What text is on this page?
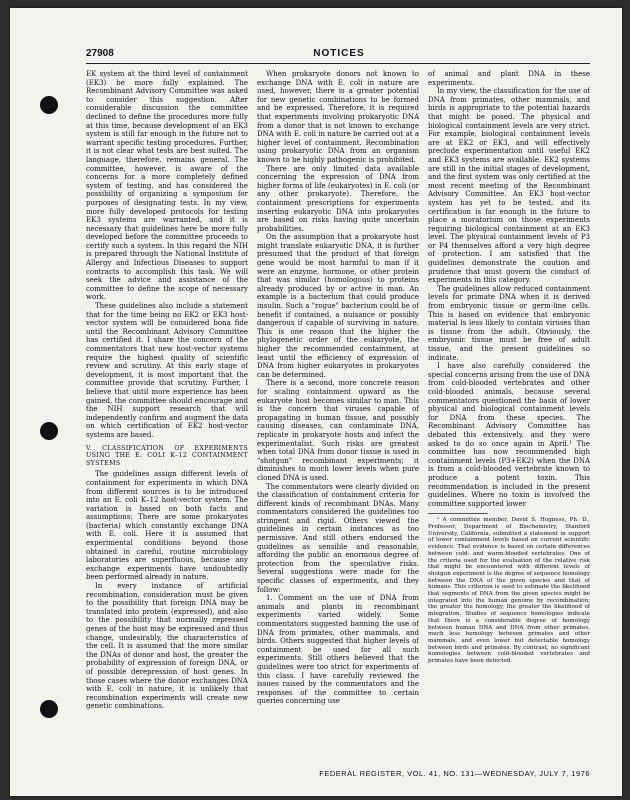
27908	NOTICES

EK system at the third level of containment (EK3) be more fully explained. The Recombinant Advisory Committee was asked to consider this suggestion. After considerable discussion the committee declined to define the procedures more fully at this time, because development of an EK3 system is still far enough in the future not to warrant specific testing procedures. Further, it is not clear what tests are best suited. The language, therefore, remains general. The committee, however, is aware of the concerns for a more completely defined system of testing, and has considered the possibility of organizing a symposium for purposes of designating tests. In my view, more fully developed protocols for testing EK3 systems are warranted, and it is necessary that guidelines here be more fully developed before the committee proceeds to certify such a system. In this regard the NIH is prepared through the National Institute of Allergy and Infectious Diseases to support contracts to accomplish this task. We will seek the advice and assistance of the committee to define the scope of necessary work.

These guidelines also include a statement that for the time being no EK2 or EK3 host-vector system will be considered bona fide until the Recombinant Advisory Committee has certified it. I share the concern of the commentators that new host-vector systems require the highest quality of scientific review and scrutiny. At this early stage of development, it is most important that the committee provide that scrutiny. Further, I believe that until more experience has been gained, the committee should encourage and the NIH support research that will independently confirm and augment the data on which certification of EK2 host-vector systems are based.

V. CLASSIFICATION OF EXPERIMENTS USING THE E. COLI K–12 CONTAINMENT SYSTEMS

The guidelines assign different levels of containment for experiments in which DNA from different sources is to be introduced into an E. coli K–12 host-vector system. The variation is based on both facts and assumptions: There are some prokaryotes (bacteria) which constantly exchange DNA with E. coli. Here it is assumed that experimental conditions beyond those obtained in careful, routine microbiology laboratories are superfluous, because any exchange experiments have undoubtedly been performed already in nature.

In every instance of artificial recombination, consideration must be given to the possibility that foreign DNA may be translated into protein (expressed), and also to the possibility that normally repressed genes of the host may be expressed and thus change, undesirably, the characteristics of the cell. It is assumed that the more similar the DNAs of donor and host, the greater the probability of expression of foreign DNA, or of possible derepression of host genes. In those cases where the donor exchanges DNA with E. coli in nature, it is unlikely that recombination experiments will create new genetic combinations.

When prokaryote donors not known to exchange DNA with E. coli in nature are used, however, there is a greater potential for new genetic combinations to be formed and be expressed. Therefore, it is required that experiments involving prokaryotic DNA from a donor that is not known to exchange DNA with E. coli in nature be carried out at a higher level of containment. Recombination using prokaryotic DNA from an organism known to be highly pathogenic is prohibited.

There are only limited data available concerning the expression of DNA from higher forms of life (eukaryotes) in E. coli (or any other prokaryote). Therefore, the containment prescriptions for experiments inserting eukaryotic DNA into prokaryotes are based on risks having quite uncertain probabilities.

On the assumption that a prokaryote host might translate eukaryotic DNA, it is further presumed that the product of that foreign gene would be most harmful to man if it were an enzyme, hormone, or other protein that was similar (homologous) to proteins already produced by or active in man. An example is a bacterium that could produce insulin. Such a "rogue" bacterium could be of benefit if contained, a nuisance or possibly dangerous if capable of surviving in nature. This is one reason that the higher the phylogenetic order of the eukaryote, the higher the recommended containment, at least until the efficiency of expression of DNA from higher eukaryotes in prokaryotes can be determined.

There is a second, more concrete reason for scaling containment upward as the eukaryote host becomes similar to man. This is the concern that viruses capable of propagating in human tissue, and possibly causing diseases, can contaminate DNA, replicate in prokaryote hosts and infect the experimentalist. Such risks are greatest when total DNA from donor tissue is used in "shotgun" recombinant experiments; it diminishes to much lower levels when pure cloned DNA is used.

The commentators were clearly divided on the classification of containment criteria for different kinds of recombinant DNAs. Many commentators considered the guidelines too stringent and rigid. Others viewed the guidelines in certain instances as too permissive. And still others endorsed the guidelines as sensible and reasonable, affording the public an enormous degree of protection from the speculative risks. Several suggestions were made for the specific classes of experiments, and they follow:

1. Comment on the use of DNA from animals and plants in recombinant experiments varied widely. Some commentators suggested banning the use of DNA from primates, other mammals, and birds. Others suggested that higher levels of containment be used for all such experiments. Still others believed that the guidelines were too strict for experiments of this class. I have carefully reviewed the issues raised by the commentators and the responses of the committee to certain queries concerning use

of animal and plant DNA in these experiments.

In my view, the classification for the use of DNA from primates, other mammals, and birds is appropriate to the potential hazards that might be posed. The physical and biological containment levels are very strict. For example, biological containment levels are at EK2 or EK3, and will effectively preclude experimentation until useful EK2 and EK3 systems are available. EK2 systems are still in the initial stages of development, and the first system was only certified at the most recent meeting of the Recombinant Advisory Committee. An EK3 host-vector system has yet to be tested, and its certification is far enough in the future to place a moratorium on those experiments requiring biological containment at an EK3 level. The physical containment levels of P3 or P4 themselves afford a very high degree of protection. I am satisfied that the guidelines demonstrate the caution and prudence that must govern the conduct of experiments in this category.

The guidelines allow reduced containment levels for primate DNA when it is derived from embryonic tissue or germ-line cells. This is based on evidence that embryonic material is less likely to contain viruses than is tissue from the adult. Obviously, the embryonic tissue must be free of adult tissue, and the present guidelines so indicate.

I have also carefully considered the special concerns arising from the use of DNA from cold-blooded vertebrates and other cold-blooded animals, because several commentators questioned the basis of lower physical and biological containment levels for DNA from these species. The Recombinant Advisory Committee has debated this extensively, and they were asked to do so once again in April.¹ The committee has now recommended high containment levels (P3+EK2) when the DNA is from a cold-blooded vertebrate known to produce a potent toxin. This recommendation is included in the present guidelines. Where no toxin is involved the committee supported lower

¹ A committee member, David S. Hogness, Ph. D., Professor, Department of Biochemistry, Stanford University, California, submitted a statement in support of lower containment levels based on current scientific evidence. That evidence is based on certain differences between cold- and warm-blooded vertebrates. One of the criteria used for the evaluation of the relative risk that might be encountered with different levels of shotgun experiment is the degree of sequence homology between the DNA of the given species and that of humans. This criterion is used to estimate the likelihood that segments of DNA from the given species might be integrated into the human genome by recombination; the greater the homology, the greater the likelihood of integration. Studies of sequence homologies indicate that there is a considerable degree of homology between human DNA and DNA from other primates, much less homology between primates and other mammals, and even lower but detectable homology between birds and primates. By contrast, no significant homologies between cold-blooded vertebrates and primates have been detected.

FEDERAL REGISTER, VOL. 41, NO. 131—WEDNESDAY, JULY 7, 1976
